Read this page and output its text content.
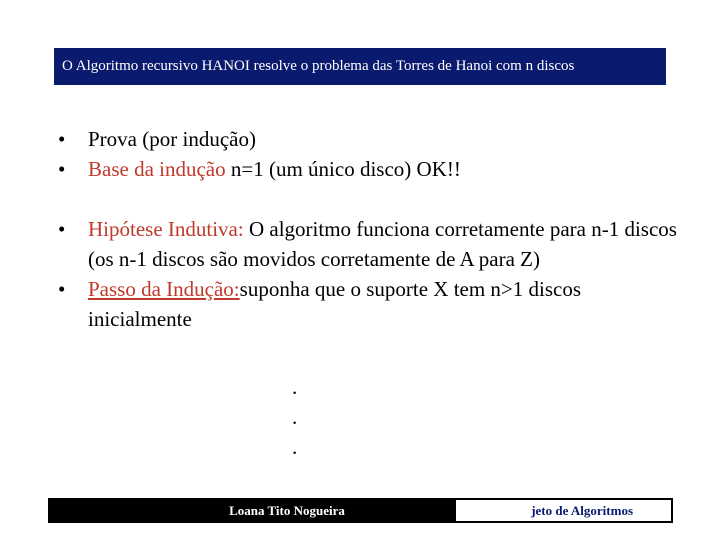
O Algoritmo recursivo HANOI resolve o problema das Torres de Hanoi com n discos
•	Prova (por indução)
•	Base da indução n=1 (um único disco) OK!!
•	Hipótese Indutiva: O algoritmo funciona corretamente para n-1 discos (os n-1 discos são movidos corretamente de A para Z)
•	Passo da Indução:suponha que o suporte X tem n>1 discos inicialmente
.
.
.
Loana Tito Nogueira	jeto de Algoritmos
